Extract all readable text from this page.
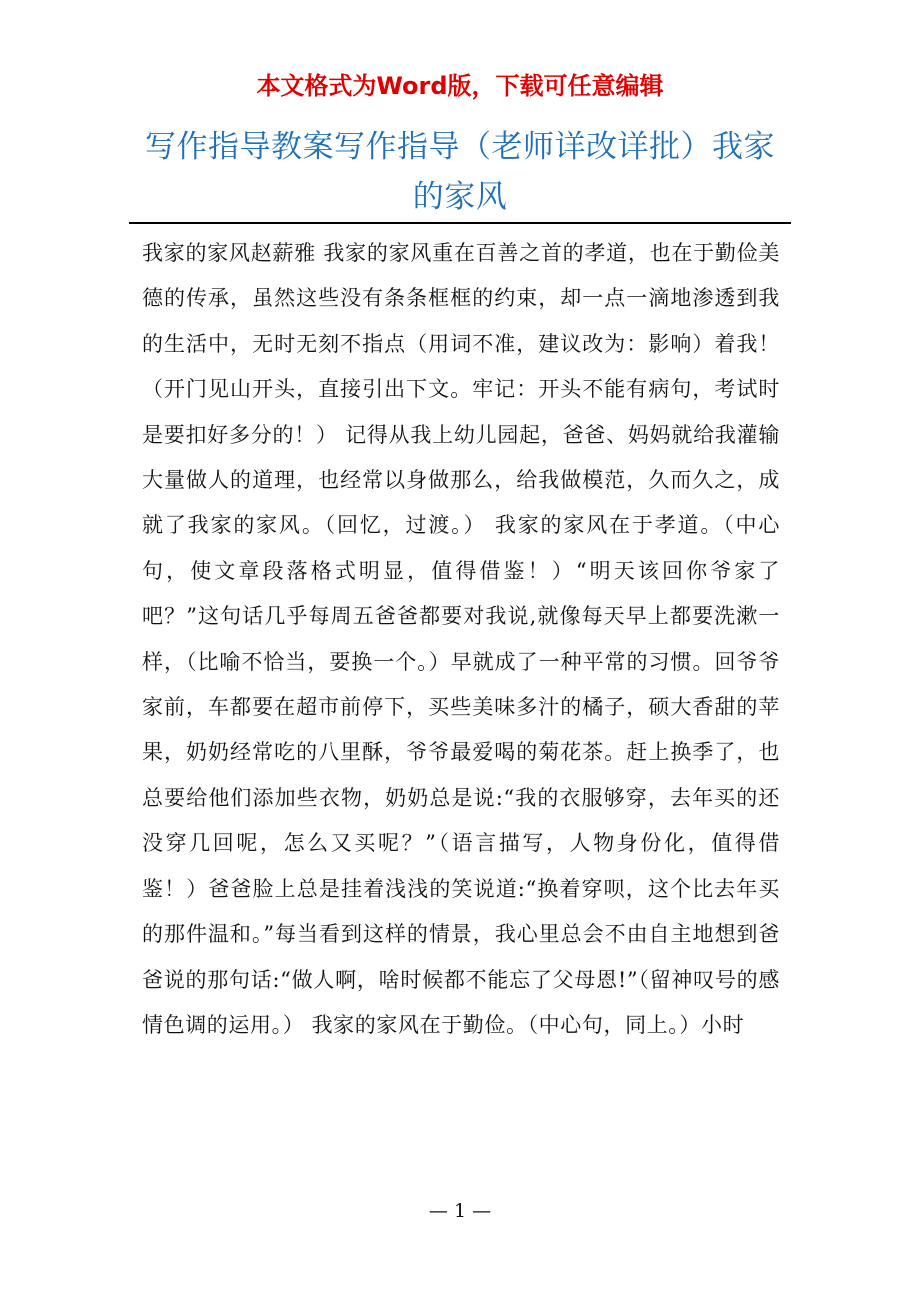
本文格式为Word版，下载可任意编辑
写作指导教案写作指导（老师详改详批）我家的家风
我家的家风赵薪雅 我家的家风重在百善之首的孝道，也在于勤俭美德的传承，虽然这些没有条条框框的约束，却一点一滴地渗透到我的生活中，无时无刻不指点（用词不准，建议改为：影响）着我！（开门见山开头，直接引出下文。牢记：开头不能有病句，考试时是要扣好多分的！） 记得从我上幼儿园起，爸爸、妈妈就给我灌输大量做人的道理，也经常以身做那么，给我做模范，久而久之，成就了我家的家风。（回忆，过渡。） 我家的家风在于孝道。（中心句，使文章段落格式明显，值得借鉴！）“明天该回你爷家了吧？”这句话几乎每周五爸爸都要对我说,就像每天早上都要洗漱一样，（比喻不恰当，要换一个。）早就成了一种平常的习惯。回爷爷家前，车都要在超市前停下，买些美味多汁的橘子，硕大香甜的苹果，奶奶经常吃的八里酥，爷爷最爱喝的菊花茶。赶上换季了，也总要给他们添加些衣物，奶奶总是说:“我的衣服够穿，去年买的还没穿几回呢，怎么又买呢？”（语言描写，人物身份化，值得借鉴！）爸爸脸上总是挂着浅浅的笑说道:“换着穿呗，这个比去年买的那件温和。”每当看到这样的情景，我心里总会不由自主地想到爸爸说的那句话:“做人啊，啥时候都不能忘了父母恩!”（留神叹号的感情色调的运用。） 我家的家风在于勤俭。（中心句，同上。）小时
— 1 —
